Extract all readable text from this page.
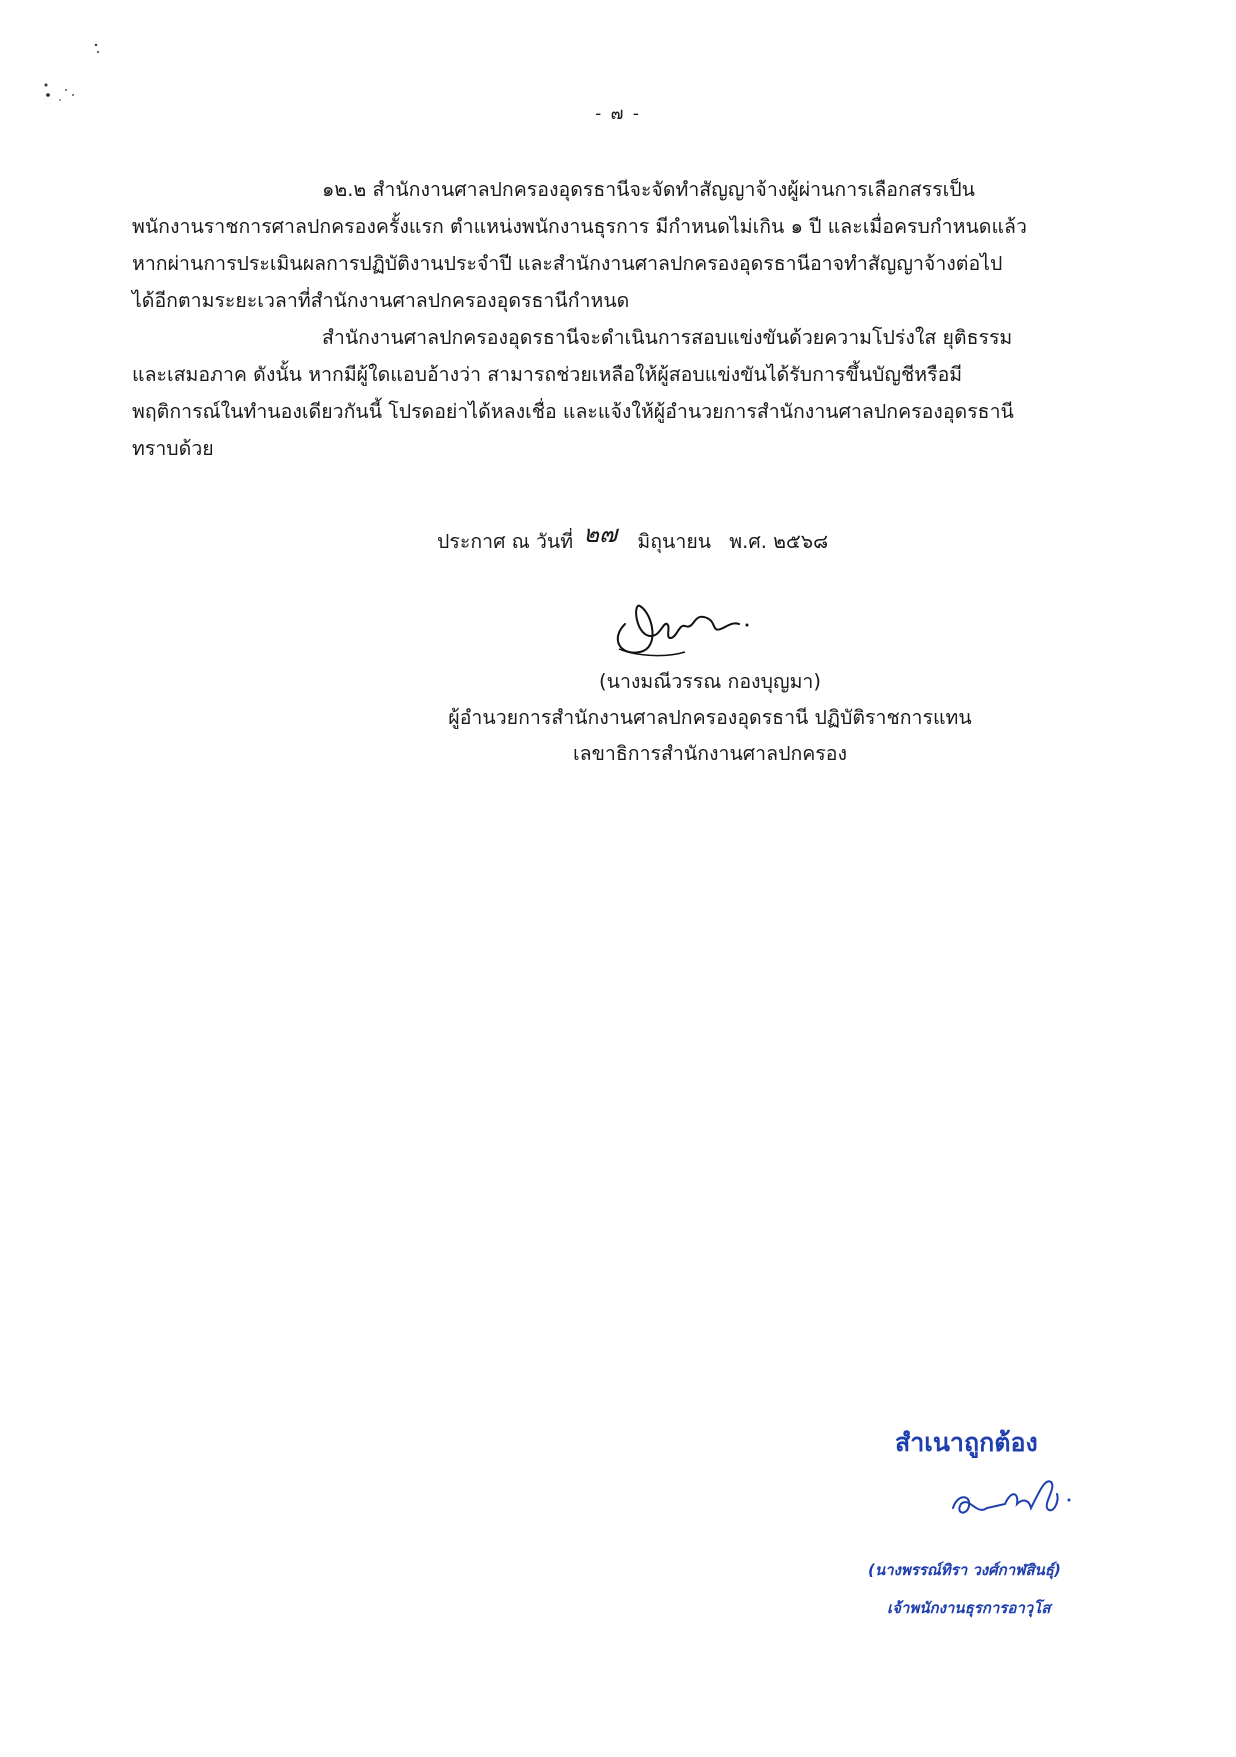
- ๗ -
๑๒.๒ สำนักงานศาลปกครองอุดรธานีจะจัดทำสัญญาจ้างผู้ผ่านการเลือกสรรเป็น
พนักงานราชการศาลปกครองครั้งแรก ตำแหน่งพนักงานธุรการ มีกำหนดไม่เกิน ๑ ปี และเมื่อครบกำหนดแล้ว
หากผ่านการประเมินผลการปฏิบัติงานประจำปี และสำนักงานศาลปกครองอุดรธานีอาจทำสัญญาจ้างต่อไป
ได้อีกตามระยะเวลาที่สำนักงานศาลปกครองอุดรธานีกำหนด
สำนักงานศาลปกครองอุดรธานีจะดำเนินการสอบแข่งขันด้วยความโปร่งใส ยุติธรรม
และเสมอภาค ดังนั้น หากมีผู้ใดแอบอ้างว่า สามารถช่วยเหลือให้ผู้สอบแข่งขันได้รับการขึ้นบัญชีหรือมี
พฤติการณ์ในทำนองเดียวกันนี้ โปรดอย่าได้หลงเชื่อ และแจ้งให้ผู้อำนวยการสำนักงานศาลปกครองอุดรธานี
ทราบด้วย
ประกาศ ณ วันที่ ๒๗ มิถุนายน พ.ศ. ๒๕๖๘
(นางมณีวรรณ กองบุญมา)
ผู้อำนวยการสำนักงานศาลปกครองอุดรธานี ปฏิบัติราชการแทน
เลขาธิการสำนักงานศาลปกครอง
สำเนาถูกต้อง
(นางพรรณ์ทิรา วงศ์กาฬสินธุ์)
เจ้าพนักงานธุรการอาวุโส
